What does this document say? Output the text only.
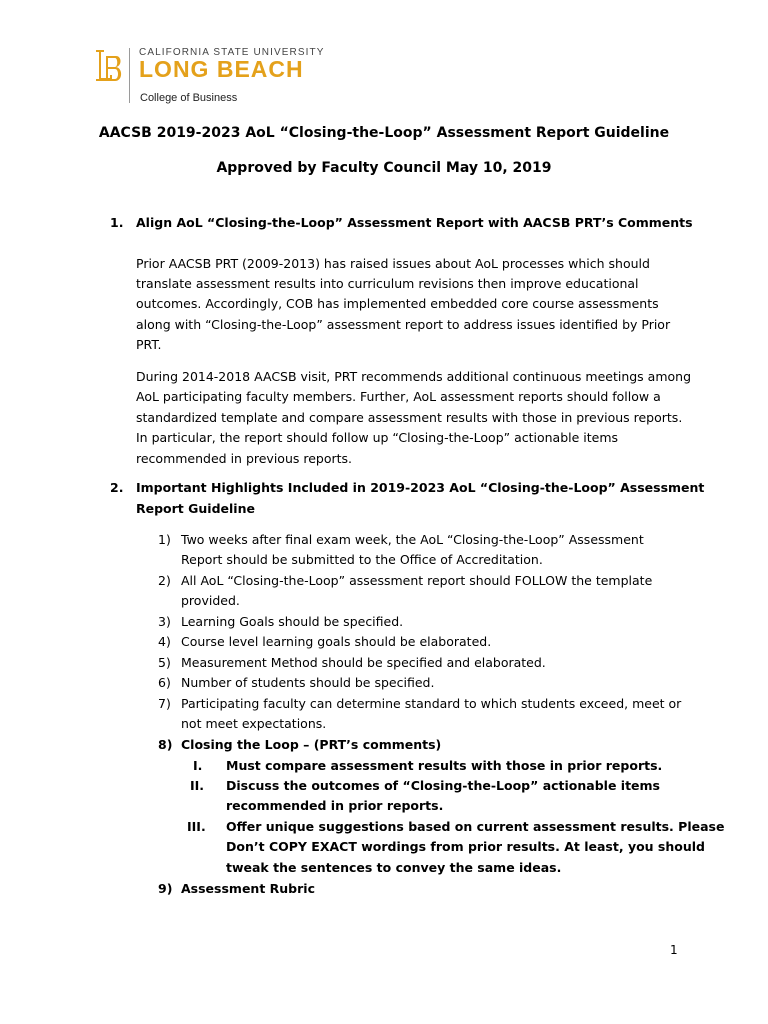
CALIFORNIA STATE UNIVERSITY
LONG BEACH
College of Business
AACSB 2019-2023 AoL “Closing-the-Loop” Assessment Report Guideline
Approved by Faculty Council May 10, 2019
1. Align AoL “Closing-the-Loop” Assessment Report with AACSB PRT’s Comments
Prior AACSB PRT (2009-2013) has raised issues about AoL processes which should
translate assessment results into curriculum revisions then improve educational
outcomes. Accordingly, COB has implemented embedded core course assessments
along with “Closing-the-Loop” assessment report to address issues identified by Prior
PRT.
During 2014-2018 AACSB visit, PRT recommends additional continuous meetings among
AoL participating faculty members. Further, AoL assessment reports should follow a
standardized template and compare assessment results with those in previous reports.
In particular, the report should follow up “Closing-the-Loop” actionable items
recommended in previous reports.
2. Important Highlights Included in 2019-2023 AoL “Closing-the-Loop” Assessment
Report Guideline
1) Two weeks after final exam week, the AoL “Closing-the-Loop” Assessment
Report should be submitted to the Office of Accreditation.
2) All AoL “Closing-the-Loop” assessment report should FOLLOW the template
provided.
3) Learning Goals should be specified.
4) Course level learning goals should be elaborated.
5) Measurement Method should be specified and elaborated.
6) Number of students should be specified.
7) Participating faculty can determine standard to which students exceed, meet or
not meet expectations.
8) Closing the Loop – (PRT’s comments)
I. Must compare assessment results with those in prior reports.
II. Discuss the outcomes of “Closing-the-Loop” actionable items
recommended in prior reports.
III. Offer unique suggestions based on current assessment results. Please
Don’t COPY EXACT wordings from prior results. At least, you should
tweak the sentences to convey the same ideas.
9) Assessment Rubric
1
